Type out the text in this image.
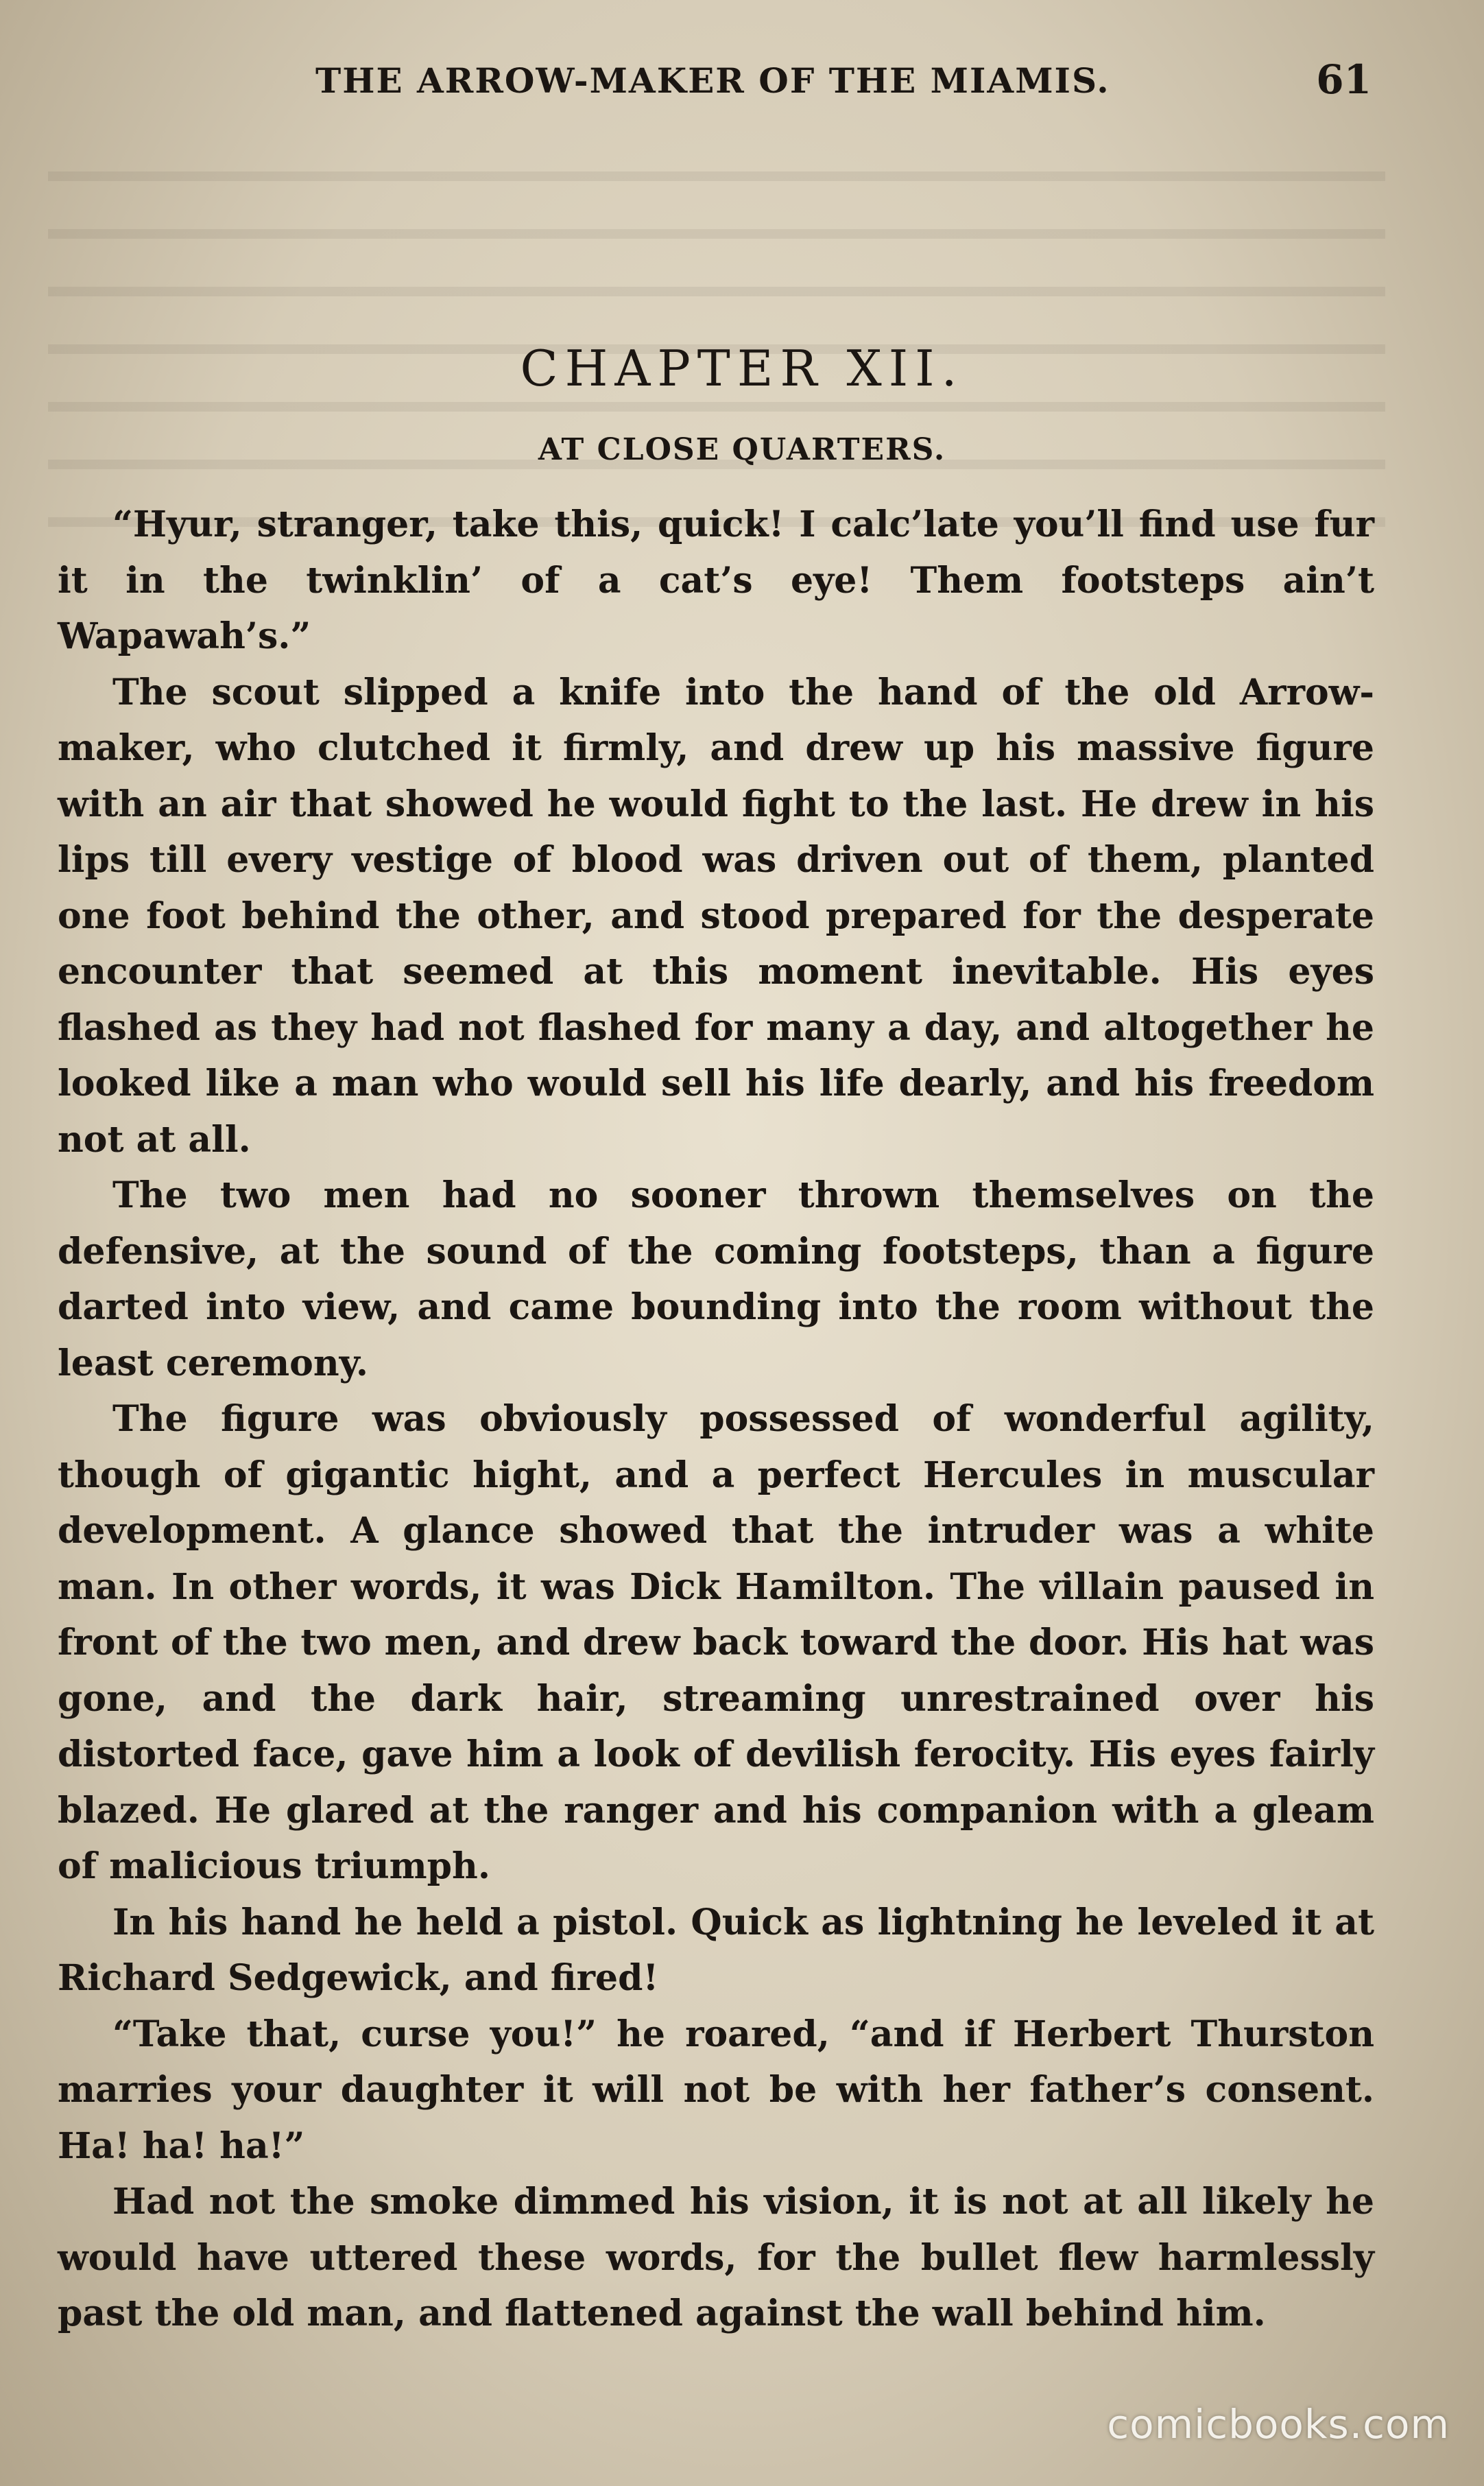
THE ARROW-MAKER OF THE MIAMIS.	61
CHAPTER XII.
AT CLOSE QUARTERS.

“Hyur, stranger, take this, quick! I calc’late you’ll find use fur it in the twinklin’ of a cat’s eye! Them footsteps ain’t Wapawah’s.”

The scout slipped a knife into the hand of the old Arrow-maker, who clutched it firmly, and drew up his massive figure with an air that showed he would fight to the last. He drew in his lips till every vestige of blood was driven out of them, planted one foot behind the other, and stood prepared for the desperate encounter that seemed at this moment inevitable. His eyes flashed as they had not flashed for many a day, and altogether he looked like a man who would sell his life dearly, and his freedom not at all.

The two men had no sooner thrown themselves on the defensive, at the sound of the coming footsteps, than a figure darted into view, and came bounding into the room without the least ceremony.

The figure was obviously possessed of wonderful agility, though of gigantic hight, and a perfect Hercules in muscular development. A glance showed that the intruder was a white man. In other words, it was Dick Hamilton. The villain paused in front of the two men, and drew back toward the door. His hat was gone, and the dark hair, streaming unrestrained over his distorted face, gave him a look of devilish ferocity. His eyes fairly blazed. He glared at the ranger and his companion with a gleam of malicious triumph.

In his hand he held a pistol. Quick as lightning he leveled it at Richard Sedgewick, and fired!

“Take that, curse you!” he roared, “and if Herbert Thurston marries your daughter it will not be with her father’s consent. Ha! ha! ha!”

Had not the smoke dimmed his vision, it is not at all likely he would have uttered these words, for the bullet flew harmlessly past the old man, and flattened against the wall behind him.

comicbooks.com
